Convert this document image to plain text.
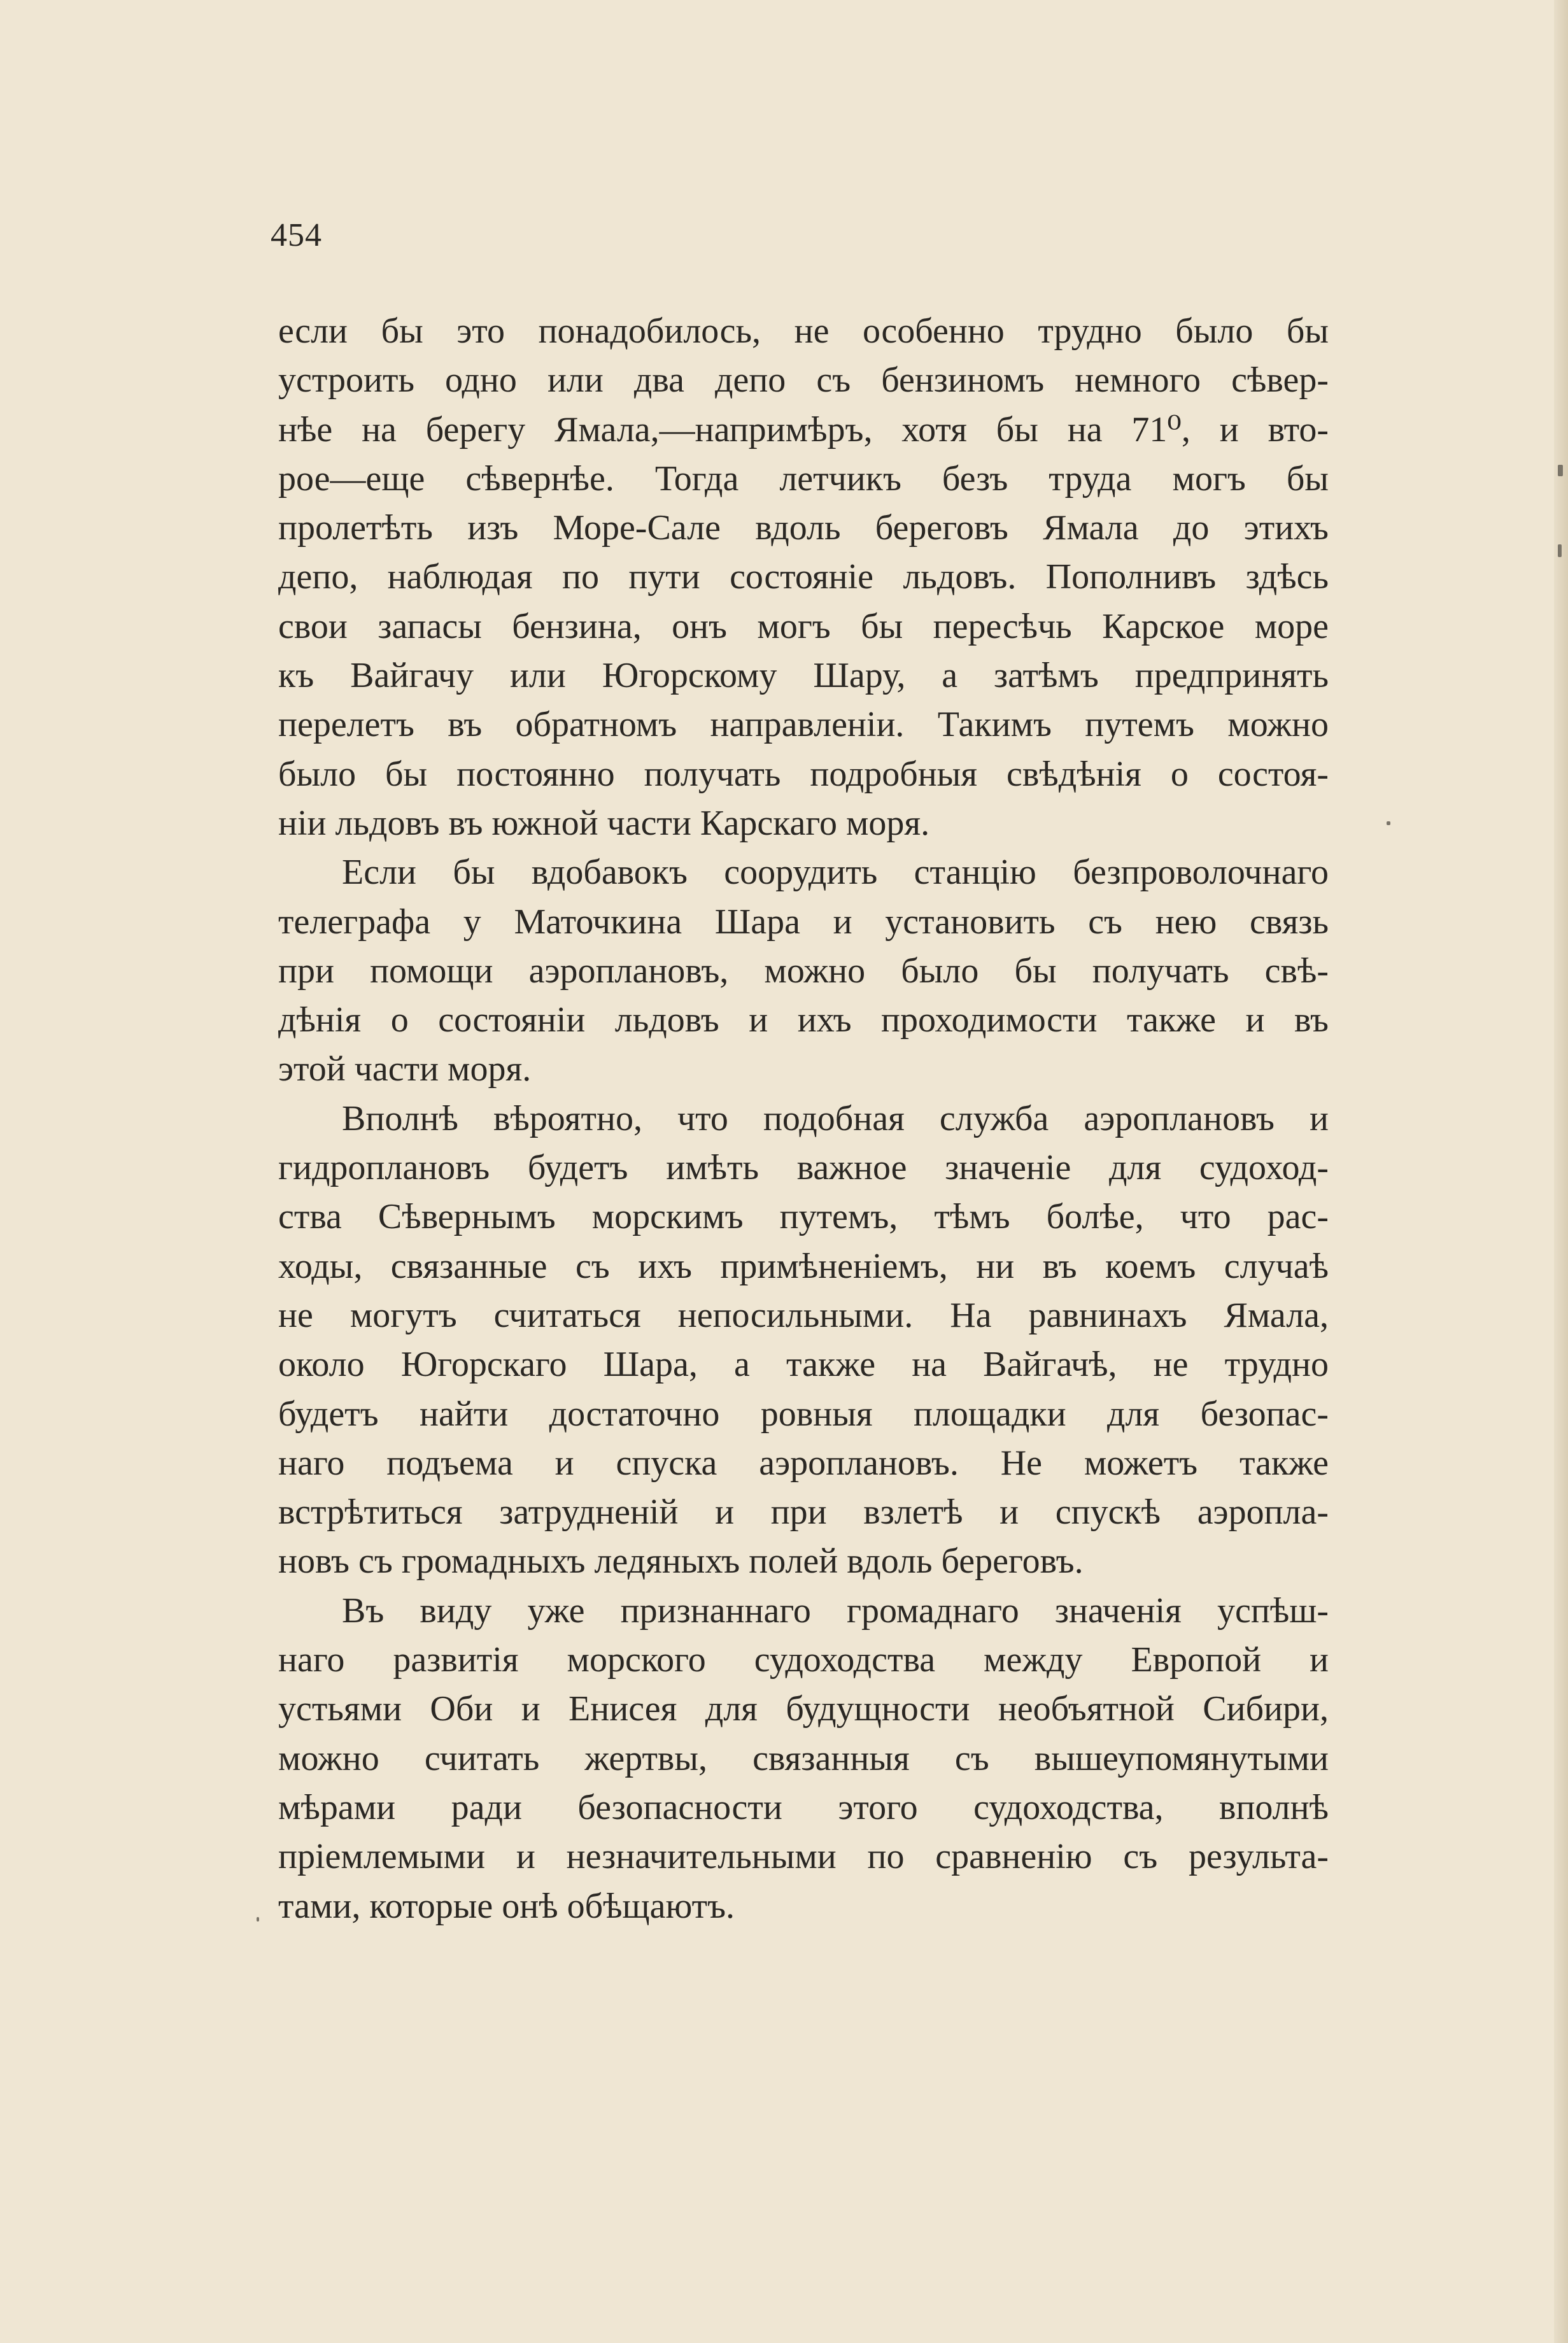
454
если бы это понадобилось, не особенно трудно было бы
устроить одно или два депо съ бензиномъ немного сѣвер-
нѣе на берегу Ямала,—напримѣръ, хотя бы на 71⁰, и вто-
рое—еще сѣвернѣе. Тогда летчикъ безъ труда могъ бы
пролетѣть изъ Море-Сале вдоль береговъ Ямала до этихъ
депо, наблюдая по пути состояніе льдовъ. Пополнивъ здѣсь
свои запасы бензина, онъ могъ бы пересѣчь Карское море
къ Вайгачу или Югорскому Шару, а затѣмъ предпринять
перелетъ въ обратномъ направленіи. Такимъ путемъ можно
было бы постоянно получать подробныя свѣдѣнія о состоя-
ніи льдовъ въ южной части Карскаго моря.
Если бы вдобавокъ соорудить станцію безпроволочнаго
телеграфа у Маточкина Шара и установить съ нею связь
при помощи аэроплановъ, можно было бы получать свѣ-
дѣнія о состояніи льдовъ и ихъ проходимости также и въ
этой части моря.
Вполнѣ вѣроятно, что подобная служба аэроплановъ и
гидроплановъ будетъ имѣть важное значеніе для судоход-
ства Сѣвернымъ морскимъ путемъ, тѣмъ болѣе, что рас-
ходы, связанные съ ихъ примѣненіемъ, ни въ коемъ случаѣ
не могутъ считаться непосильными. На равнинахъ Ямала,
около Югорскаго Шара, а также на Вайгачѣ, не трудно
будетъ найти достаточно ровныя площадки для безопас-
наго подъема и спуска аэроплановъ. Не можетъ также
встрѣтиться затрудненій и при взлетѣ и спускѣ аэропла-
новъ съ громадныхъ ледяныхъ полей вдоль береговъ.
Въ виду уже признаннаго громаднаго значенія успѣш-
наго развитія морского судоходства между Европой и
устьями Оби и Енисея для будущности необъятной Сибири,
можно считать жертвы, связанныя съ вышеупомянутыми
мѣрами ради безопасности этого судоходства, вполнѣ
пріемлемыми и незначительными по сравненію съ результа-
тами, которые онѣ обѣщаютъ.
